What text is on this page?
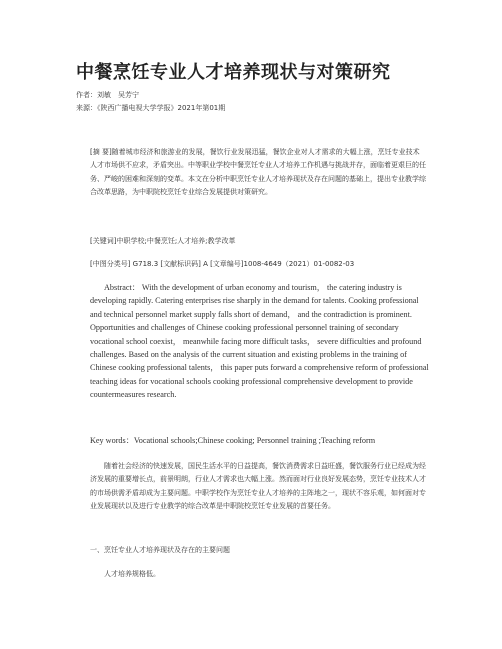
中餐烹饪专业人才培养现状与对策研究
作者：刘敏　吴芳宁
来源：《陕西广播电视大学学报》2021年第01期

[摘 要]随着城市经济和旅游业的发展，餐饮行业发展迅猛，餐饮企业对人才需求的大幅上涨，烹饪专业技术人才市场供不应求，矛盾突出。中等职业学校中餐烹饪专业人才培养工作机遇与挑战并存，面临着更艰巨的任务、严峻的困难和深刻的变革。本文在分析中职烹饪专业人才培养现状及存在问题的基础上，提出专业教学综合改革思路，为中职院校烹饪专业综合发展提供对策研究。

[关键词]中职学校;中餐烹饪;人才培养;教学改革

[中图分类号] G718.3 [文献标识码] A [文章编号]1008-4649（2021）01-0082-03

Abstract： With the development of urban economy and tourism， the catering industry is developing rapidly. Catering enterprises rise sharply in the demand for talents. Cooking professional and technical personnel market supply falls short of demand， and the contradiction is prominent. Opportunities and challenges of Chinese cooking professional personnel training of secondary vocational school coexist， meanwhile facing more difficult tasks， severe difficulties and profound challenges. Based on the analysis of the current situation and existing problems in the training of Chinese cooking professional talents， this paper puts forward a comprehensive reform of professional teaching ideas for vocational schools cooking professional comprehensive development to provide countermeasures research.

Key words：Vocational schools;Chinese cooking; Personnel training ;Teaching reform

随着社会经济的快速发展，国民生活水平的日益提高，餐饮消费需求日益旺盛，餐饮服务行业已经成为经济发展的重要增长点，前景明朗，行业人才需求也大幅上涨。然而面对行业良好发展态势，烹饪专业技术人才的市场供需矛盾却成为主要问题。中职学校作为烹饪专业人才培养的主阵地之一，现状不容乐观，如何面对专业发展现状以及进行专业教学的综合改革是中职院校烹饪专业发展的首要任务。

一、烹饪专业人才培养现状及存在的主要问题
人才培养规格低。
